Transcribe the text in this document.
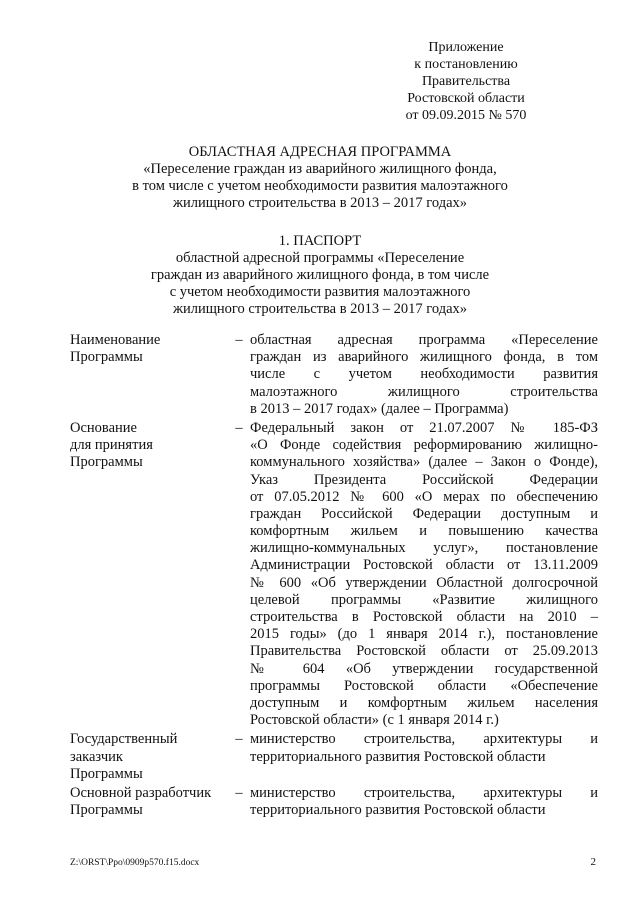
Приложение
к постановлению
Правительства
Ростовской области
от 09.09.2015 № 570
ОБЛАСТНАЯ АДРЕСНАЯ ПРОГРАММА
«Переселение граждан из аварийного жилищного фонда,
в том числе с учетом необходимости развития малоэтажного
жилищного строительства в 2013 – 2017 годах»
1. ПАСПОРТ
областной адресной программы «Переселение
граждан из аварийного жилищного фонда, в том числе
с учетом необходимости развития малоэтажного
жилищного строительства в 2013 – 2017 годах»
Наименование
Программы
– областная адресная программа «Переселение
граждан из аварийного жилищного фонда, в том
числе с учетом необходимости развития
малоэтажного жилищного строительства
в 2013 – 2017 годах» (далее – Программа)
Основание
для принятия
Программы
– Федеральный закон от 21.07.2007 № 185-ФЗ
«О Фонде содействия реформированию жилищно-
коммунального хозяйства» (далее – Закон о Фонде),
Указ Президента Российской Федерации
от 07.05.2012 № 600 «О мерах по обеспечению
граждан Российской Федерации доступным и
комфортным жильем и повышению качества
жилищно-коммунальных услуг», постановление
Администрации Ростовской области от 13.11.2009
№ 600 «Об утверждении Областной долгосрочной
целевой программы «Развитие жилищного
строительства в Ростовской области на 2010 –
2015 годы» (до 1 января 2014 г.), постановление
Правительства Ростовской области от 25.09.2013
№ 604 «Об утверждении государственной
программы Ростовской области «Обеспечение
доступным и комфортным жильем населения
Ростовской области» (с 1 января 2014 г.)
Государственный
заказчик
Программы
– министерство строительства, архитектуры и
территориального развития Ростовской области
Основной разработчик
Программы
– министерство строительства, архитектуры и
территориального развития Ростовской области
Z:\ORST\Ppo\0909p570.f15.docx	2
